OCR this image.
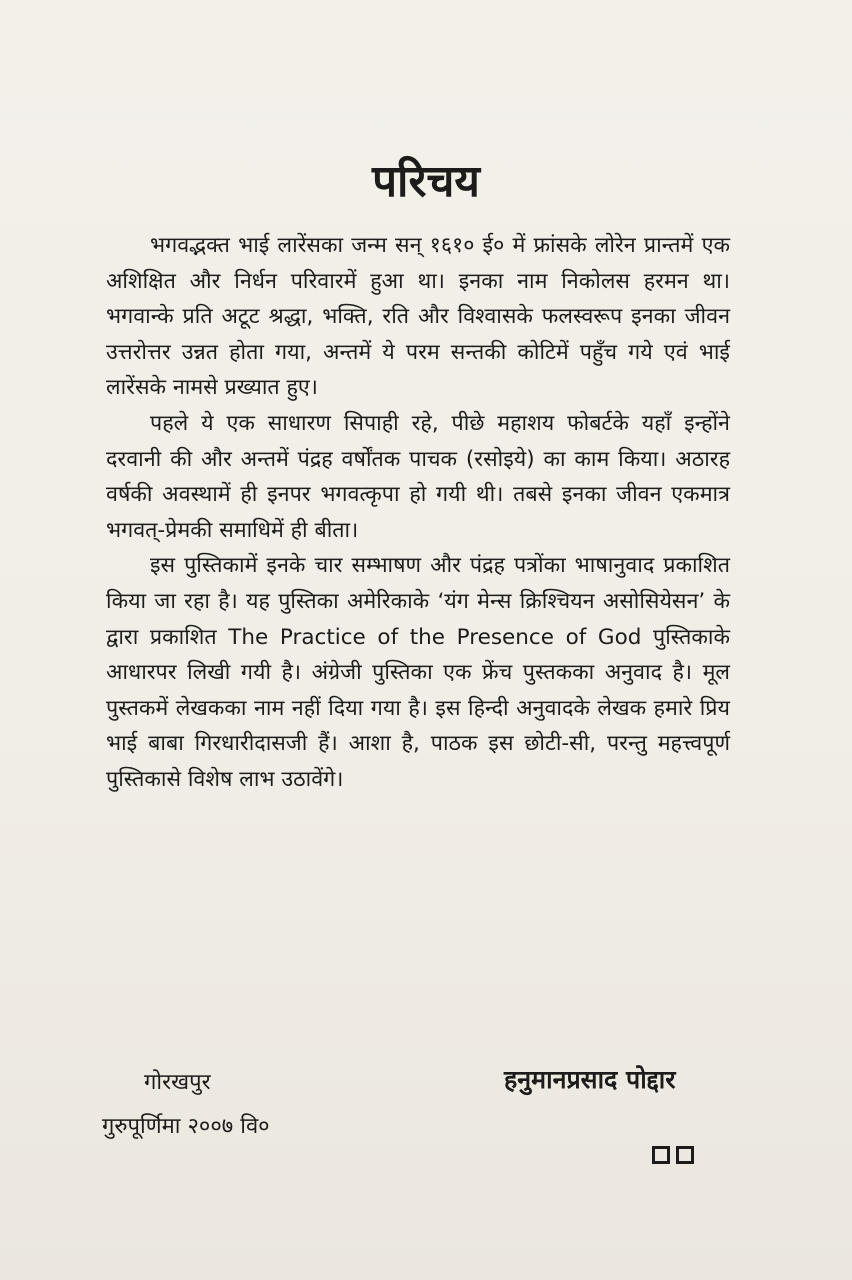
परिचय

भगवद्भक्त भाई लारेंसका जन्म सन् १६१० ई० में फ्रांसके लोरेन प्रान्तमें एक अशिक्षित और निर्धन परिवारमें हुआ था। इनका नाम निकोलस हरमन था। भगवान्के प्रति अटूट श्रद्धा, भक्ति, रति और विश्वासके फलस्वरूप इनका जीवन उत्तरोत्तर उन्नत होता गया, अन्तमें ये परम सन्तकी कोटिमें पहुँच गये एवं भाई लारेंसके नामसे प्रख्यात हुए।

पहले ये एक साधारण सिपाही रहे, पीछे महाशय फोबर्टके यहाँ इन्होंने दरवानी की और अन्तमें पंद्रह वर्षोंतक पाचक (रसोइये) का काम किया। अठारह वर्षकी अवस्थामें ही इनपर भगवत्कृपा हो गयी थी। तबसे इनका जीवन एकमात्र भगवत्-प्रेमकी समाधिमें ही बीता।

इस पुस्तिकामें इनके चार सम्भाषण और पंद्रह पत्रोंका भाषानुवाद प्रकाशित किया जा रहा है। यह पुस्तिका अमेरिकाके ‘यंग मेन्स क्रिश्चियन असोसियेसन’ के द्वारा प्रकाशित The Practice of the Presence of God पुस्तिकाके आधारपर लिखी गयी है। अंग्रेजी पुस्तिका एक फ्रेंच पुस्तकका अनुवाद है। मूल पुस्तकमें लेखकका नाम नहीं दिया गया है। इस हिन्दी अनुवादके लेखक हमारे प्रिय भाई बाबा गिरधारीदासजी हैं। आशा है, पाठक इस छोटी-सी, परन्तु महत्त्वपूर्ण पुस्तिकासे विशेष लाभ उठावेंगे।

गोरखपुर

गुरुपूर्णिमा २००७ वि०

हनुमानप्रसाद पोद्दार
